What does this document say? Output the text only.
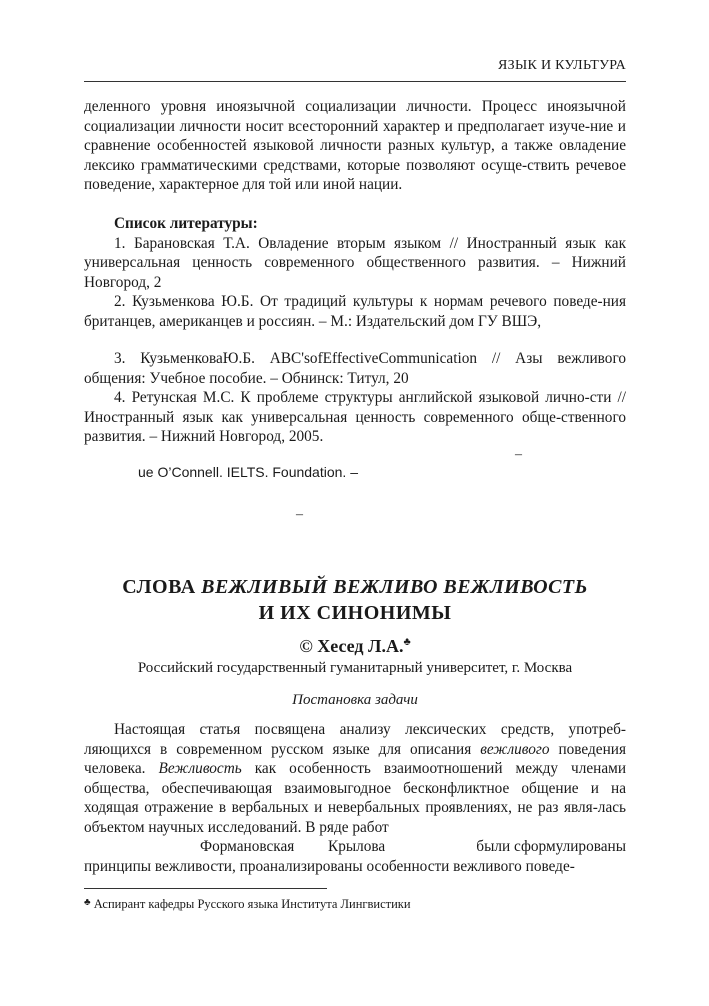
ЯЗЫК И КУЛЬТУРА

деленного уровня иноязычной социализации личности. Процесс иноязычной социализации личности носит всесторонний характер и предполагает изуче-ние и сравнение особенностей языковой личности разных культур, а также овладение лексико грамматическими средствами, которые позволяют осуще-ствить речевое поведение, характерное для той или иной нации.

Список литературы:

1. Барановская Т.А. Овладение вторым языком // Иностранный язык как универсальная ценность современного общественного развития. – Нижний Новгород, 2

2. Кузьменкова Ю.Б. От традиций культуры к нормам речевого поведе-ния британцев, американцев и россиян. – М.: Издательский дом ГУ ВШЭ,

3. КузьменковаЮ.Б. ABC'sofEffectiveCommunication // Азы вежливого общения: Учебное пособие. – Обнинск: Титул, 20

4. Ретунская М.С. К проблеме структуры английской языковой лично-сти // Иностранный язык как универсальная ценность современного обще-ственного развития. – Нижний Новгород, 2005.

–
ue O’Connell. IELTS. Foundation. –
–
СЛОВА ВЕЖЛИВЫЙ ВЕЖЛИВО ВЕЖЛИВОСТЬ
И ИХ СИНОНИМЫ
© Хесед Л.А.♣
Российский государственный гуманитарный университет, г. Москва
Постановка задачи
Настоящая статья посвящена анализу лексических средств, употреб-ляющихся в современном русском языке для описания вежливого поведения человека. Вежливость как особенность взаимоотношений между членами общества, обеспечивающая взаимовыгодное бесконфликтное общение и на ходящая отражение в вербальных и невербальных проявлениях, не раз явля-лась объектом научных исследований. В ряде работ
Формановская Крылова	были сформулированы

принципы вежливости, проанализированы особенности вежливого поведе-

♣ Аспирант кафедры Русского языка Института Лингвистики
